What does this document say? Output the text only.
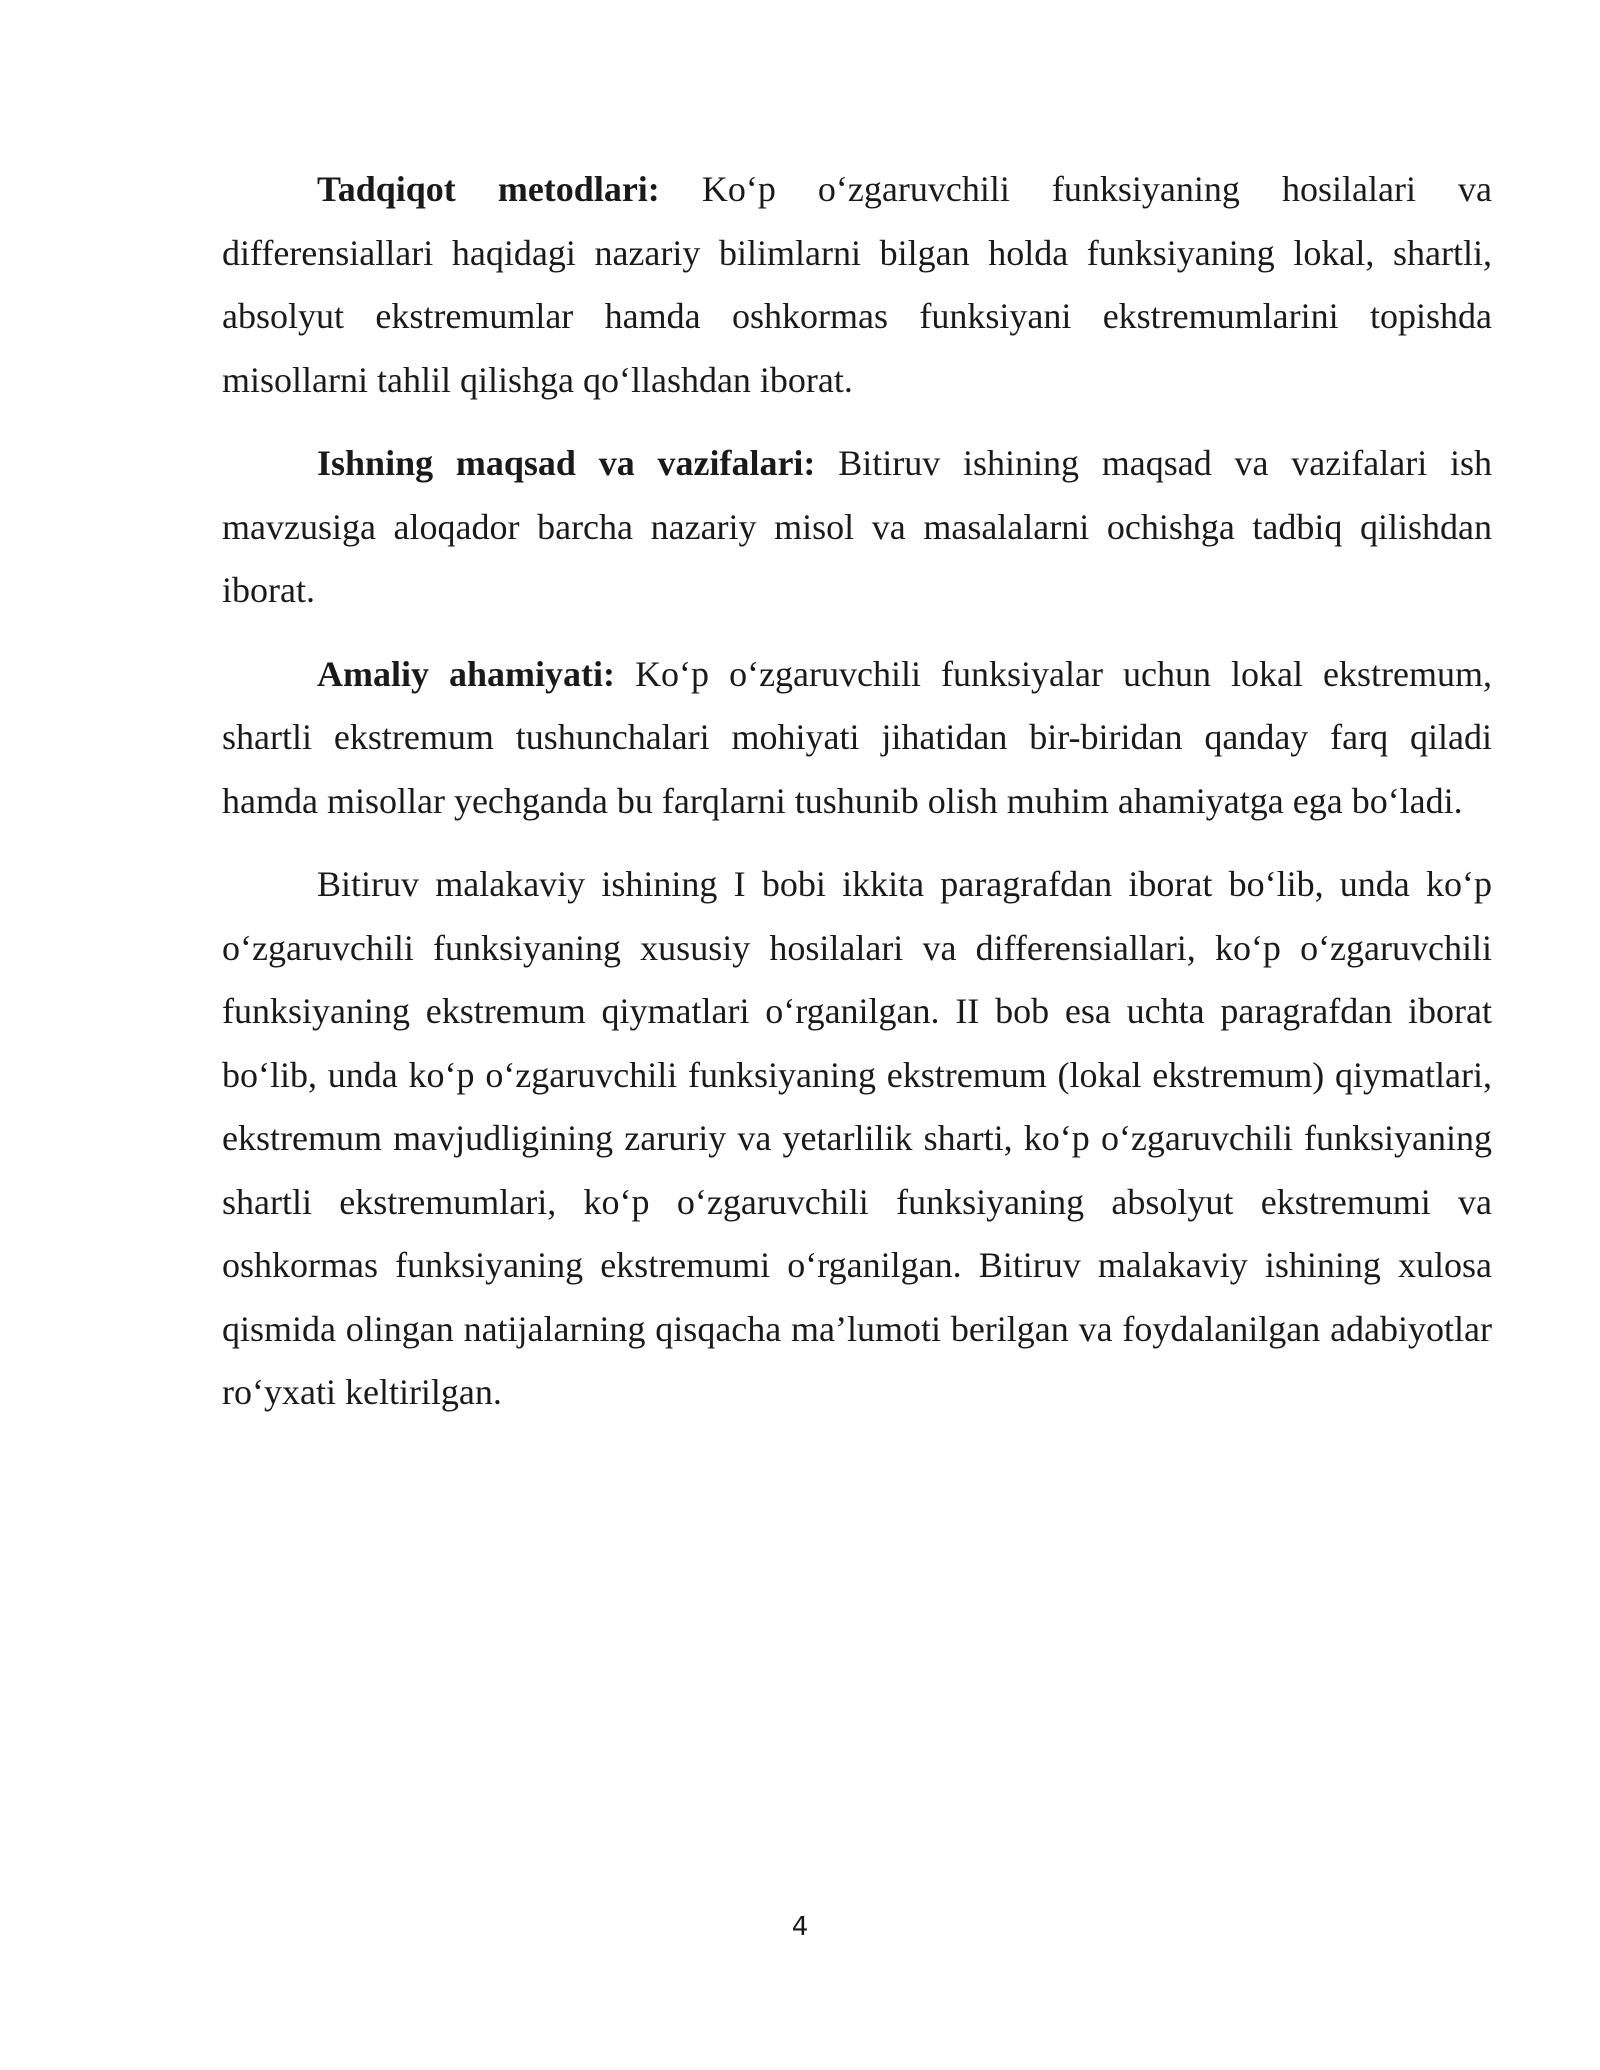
Tadqiqot metodlari: Ko‘p o‘zgaruvchili funksiyaning hosilalari va differensiallari haqidagi nazariy bilimlarni bilgan holda funksiyaning lokal, shartli, absolyut ekstremumlar hamda oshkormas funksiyani ekstremumlarini topishda misollarni tahlil qilishga qo‘llashdan iborat.

Ishning maqsad va vazifalari: Bitiruv ishining maqsad va vazifalari ish mavzusiga aloqador barcha nazariy misol va masalalarni ochishga tadbiq qilishdan iborat.

Amaliy ahamiyati: Ko‘p o‘zgaruvchili funksiyalar uchun lokal ekstremum, shartli ekstremum tushunchalari mohiyati jihatidan bir-biridan qanday farq qiladi hamda misollar yechganda bu farqlarni tushunib olish muhim ahamiyatga ega bo‘ladi.

Bitiruv malakaviy ishining I bobi ikkita paragrafdan iborat bo‘lib, unda ko‘p o‘zgaruvchili funksiyaning xususiy hosilalari va differensiallari, ko‘p o‘zgaruvchili funksiyaning ekstremum qiymatlari o‘rganilgan. II bob esa uchta paragrafdan iborat bo‘lib, unda ko‘p o‘zgaruvchili funksiyaning ekstremum (lokal ekstremum) qiymatlari, ekstremum mavjudligining zaruriy va yetarlilik sharti, ko‘p o‘zgaruvchili funksiyaning shartli ekstremumlari, ko‘p o‘zgaruvchili funksiyaning absolyut ekstremumi va oshkormas funksiyaning ekstremumi o‘rganilgan. Bitiruv malakaviy ishining xulosa qismida olingan natijalarning qisqacha ma’lumoti berilgan va foydalanilgan adabiyotlar ro‘yxati keltirilgan.

4
